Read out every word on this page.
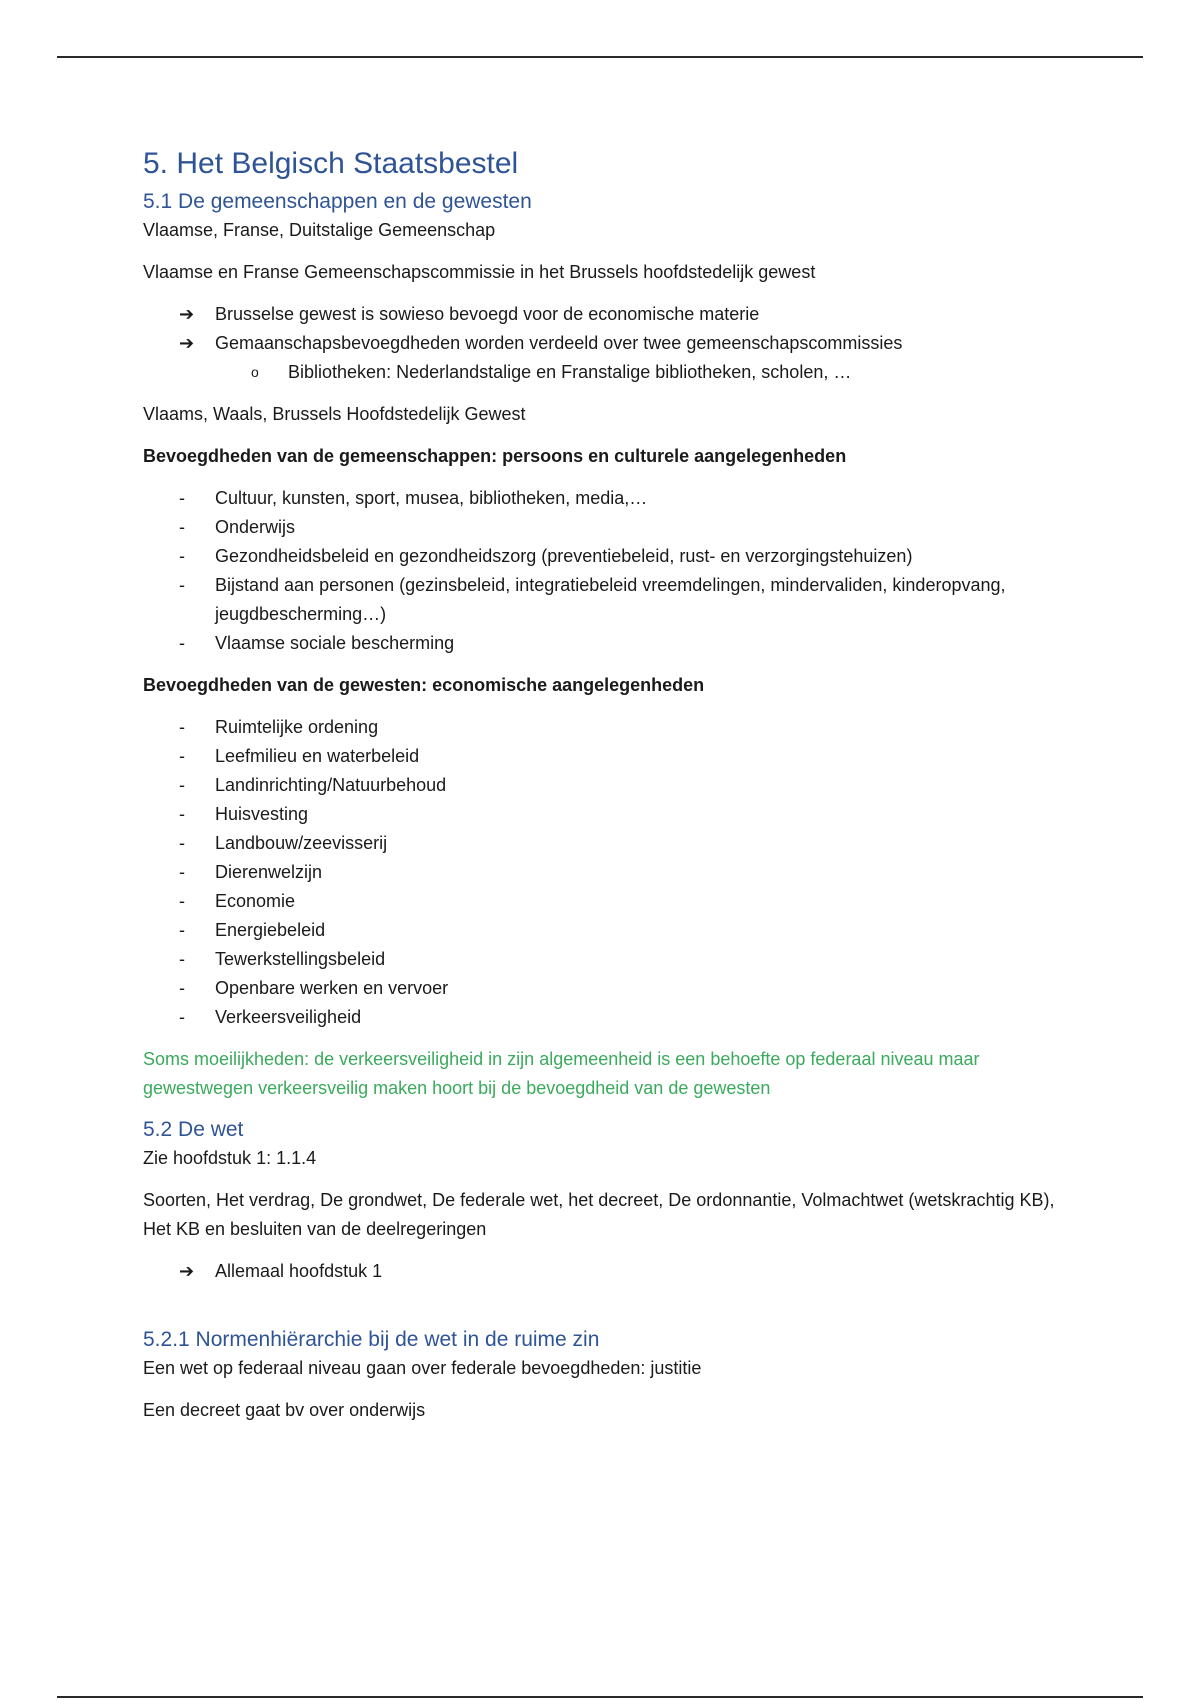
5. Het Belgisch Staatsbestel
5.1 De gemeenschappen en de gewesten

Vlaamse, Franse, Duitstalige Gemeenschap

Vlaamse en Franse Gemeenschapscommissie in het Brussels hoofdstedelijk gewest

➔ Brusselse gewest is sowieso bevoegd voor de economische materie
➔ Gemaanschapsbevoegdheden worden verdeeld over twee gemeenschapscommissies
o Bibliotheken: Nederlandstalige en Franstalige bibliotheken, scholen, …

Vlaams, Waals, Brussels Hoofdstedelijk Gewest

Bevoegdheden van de gemeenschappen: persoons en culturele aangelegenheden

- Cultuur, kunsten, sport, musea, bibliotheken, media,…
- Onderwijs
- Gezondheidsbeleid en gezondheidszorg (preventiebeleid, rust- en verzorgingstehuizen)
- Bijstand aan personen (gezinsbeleid, integratiebeleid vreemdelingen, mindervaliden, kinderopvang, jeugdbescherming…)
- Vlaamse sociale bescherming

Bevoegdheden van de gewesten: economische aangelegenheden

- Ruimtelijke ordening
- Leefmilieu en waterbeleid
- Landinrichting/Natuurbehoud
- Huisvesting
- Landbouw/zeevisserij
- Dierenwelzijn
- Economie
- Energiebeleid
- Tewerkstellingsbeleid
- Openbare werken en vervoer
- Verkeersveiligheid

Soms moeilijkheden: de verkeersveiligheid in zijn algemeenheid is een behoefte op federaal niveau maar gewestwegen verkeersveilig maken hoort bij de bevoegdheid van de gewesten

5.2 De wet

Zie hoofdstuk 1: 1.1.4

Soorten, Het verdrag, De grondwet, De federale wet, het decreet, De ordonnantie, Volmachtwet (wetskrachtig KB), Het KB en besluiten van de deelregeringen

➔ Allemaal hoofdstuk 1
5.2.1 Normenhiërarchie bij de wet in de ruime zin

Een wet op federaal niveau gaan over federale bevoegdheden: justitie

Een decreet gaat bv over onderwijs
